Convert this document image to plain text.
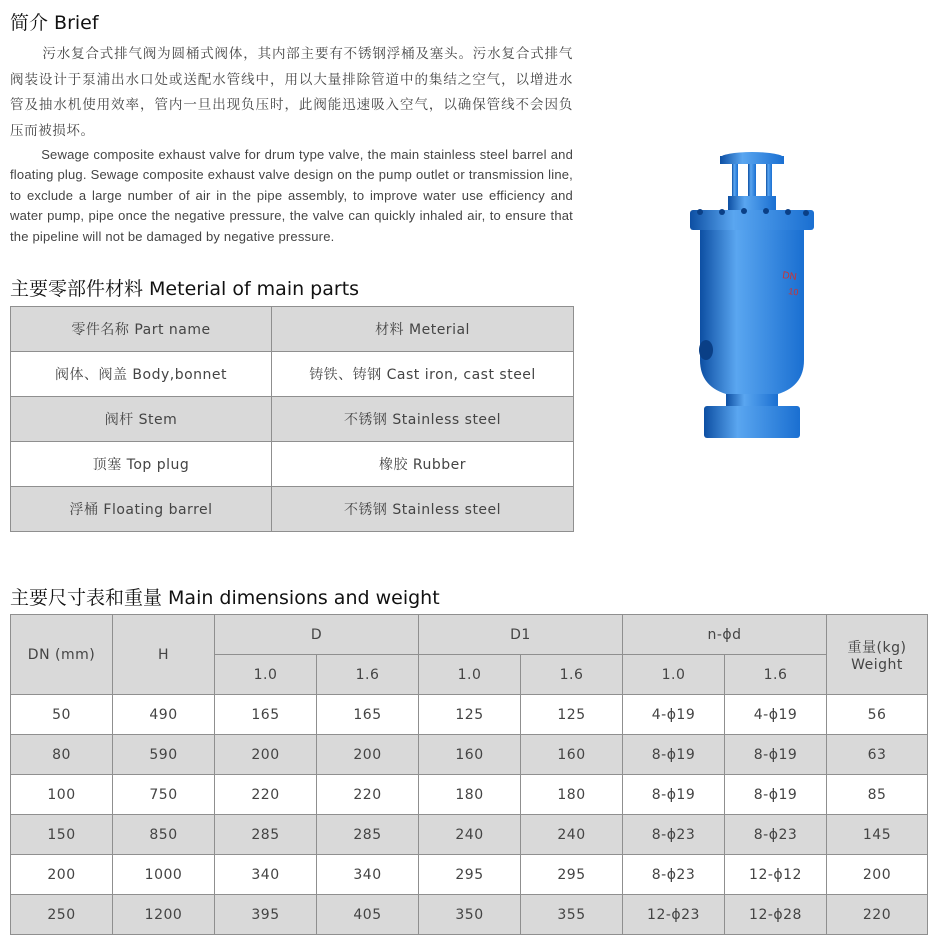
简介 Brief

污水复合式排气阀为圆桶式阀体，其内部主要有不锈钢浮桶及塞头。污水复合式排气阀装设计于泵浦出水口处或送配水管线中，用以大量排除管道中的集结之空气，以增进水管及抽水机使用效率，管内一旦出现负压时，此阀能迅速吸入空气，以确保管线不会因负压而被损坏。

Sewage composite exhaust valve for drum type valve, the main stainless steel barrel and floating plug. Sewage composite exhaust valve design on the pump outlet or transmission line, to exclude a large number of air in the pipe assembly, to improve water use efficiency and water pump, pipe once the negative pressure, the valve can quickly inhaled air, to ensure that the pipeline will not be damaged by negative pressure.

主要零部件材料 Meterial of main parts
零件名称 Part name	材料 Meterial
阀体、阀盖 Body,bonnet	铸铁、铸钢 Cast iron, cast steel
阀杆 Stem	不锈钢 Stainless steel
顶塞 Top plug	橡胶 Rubber
浮桶 Floating barrel	不锈钢 Stainless steel
DN
10
主要尺寸表和重量 Main dimensions and weight
DN (mm)	H	D		D1		n-ϕd		重量(kg)
Weight

		1.0	1.6	1.0	1.6	1.0	1.6	
50	490	165	165	125	125	4-ϕ19	4-ϕ19	56
80	590	200	200	160	160	8-ϕ19	8-ϕ19	63
100	750	220	220	180	180	8-ϕ19	8-ϕ19	85
150	850	285	285	240	240	8-ϕ23	8-ϕ23	145
200	1000	340	340	295	295	8-ϕ23	12-ϕ12	200
250	1200	395	405	350	355	12-ϕ23	12-ϕ28	220
